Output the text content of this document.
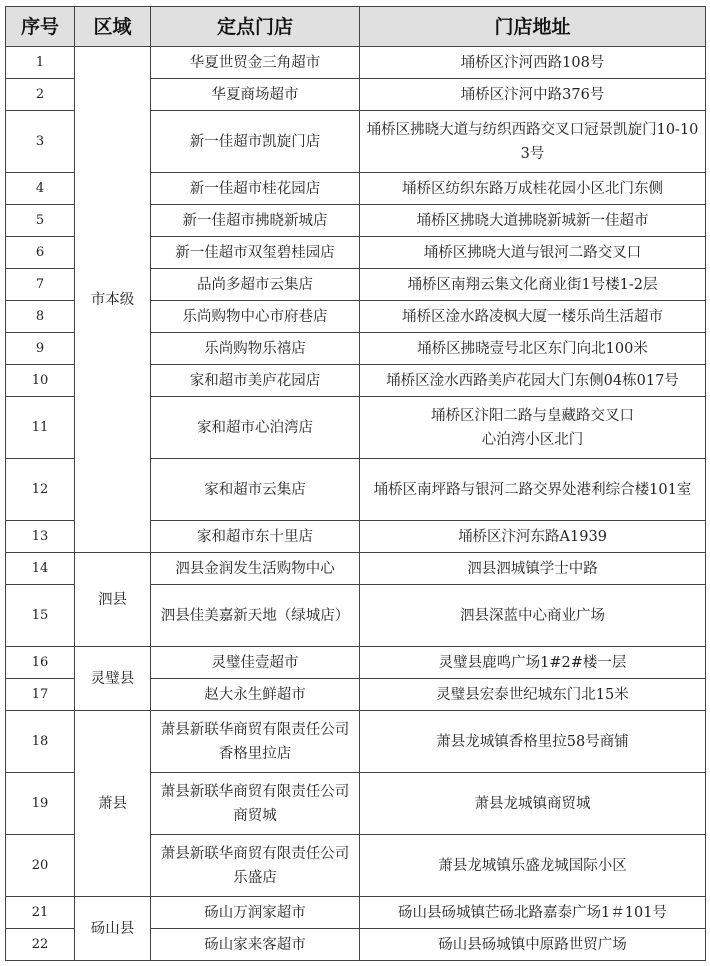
序号	区域	定点门店	门店地址
1	市本级	华夏世贸金三角超市	埇桥区汴河西路108号
2		华夏商场超市	埇桥区汴河中路376号
3		新一佳超市凯旋门店	埇桥区拂晓大道与纺织西路交叉口冠景凯旋门10-103号
4		新一佳超市桂花园店	埇桥区纺织东路万成桂花园小区北门东侧
5		新一佳超市拂晓新城店	埇桥区拂晓大道拂晓新城新一佳超市
6		新一佳超市双玺碧桂园店	埇桥区拂晓大道与银河二路交叉口
7		品尚多超市云集店	埇桥区南翔云集文化商业街1号楼1-2层
8		乐尚购物中心市府巷店	埇桥区淦水路凌枫大厦一楼乐尚生活超市
9		乐尚购物乐禧店	埇桥区拂晓壹号北区东门向北100米
10		家和超市美庐花园店	埇桥区淦水西路美庐花园大门东侧04栋017号
11		家和超市心泊湾店	埇桥区汴阳二路与皇藏路交叉口
心泊湾小区北门
12		家和超市云集店	埇桥区南坪路与银河二路交界处港利综合楼101室
13		家和超市东十里店	埇桥区汴河东路A1939
14	泗县	泗县金润发生活购物中心	泗县泗城镇学士中路
15		泗县佳美嘉新天地（绿城店）	泗县深蓝中心商业广场
16	灵璧县	灵璧佳壹超市	灵璧县鹿鸣广场1#2#楼一层
17		赵大永生鲜超市	灵璧县宏泰世纪城东门北15米
18	萧县	萧县新联华商贸有限责任公司香格里拉店	萧县龙城镇香格里拉58号商铺
19		萧县新联华商贸有限责任公司商贸城	萧县龙城镇商贸城
20		萧县新联华商贸有限责任公司乐盛店	萧县龙城镇乐盛龙城国际小区
21	砀山县	砀山万润家超市	砀山县砀城镇芒砀北路嘉泰广场1＃101号
22		砀山家来客超市	砀山县砀城镇中原路世贸广场
